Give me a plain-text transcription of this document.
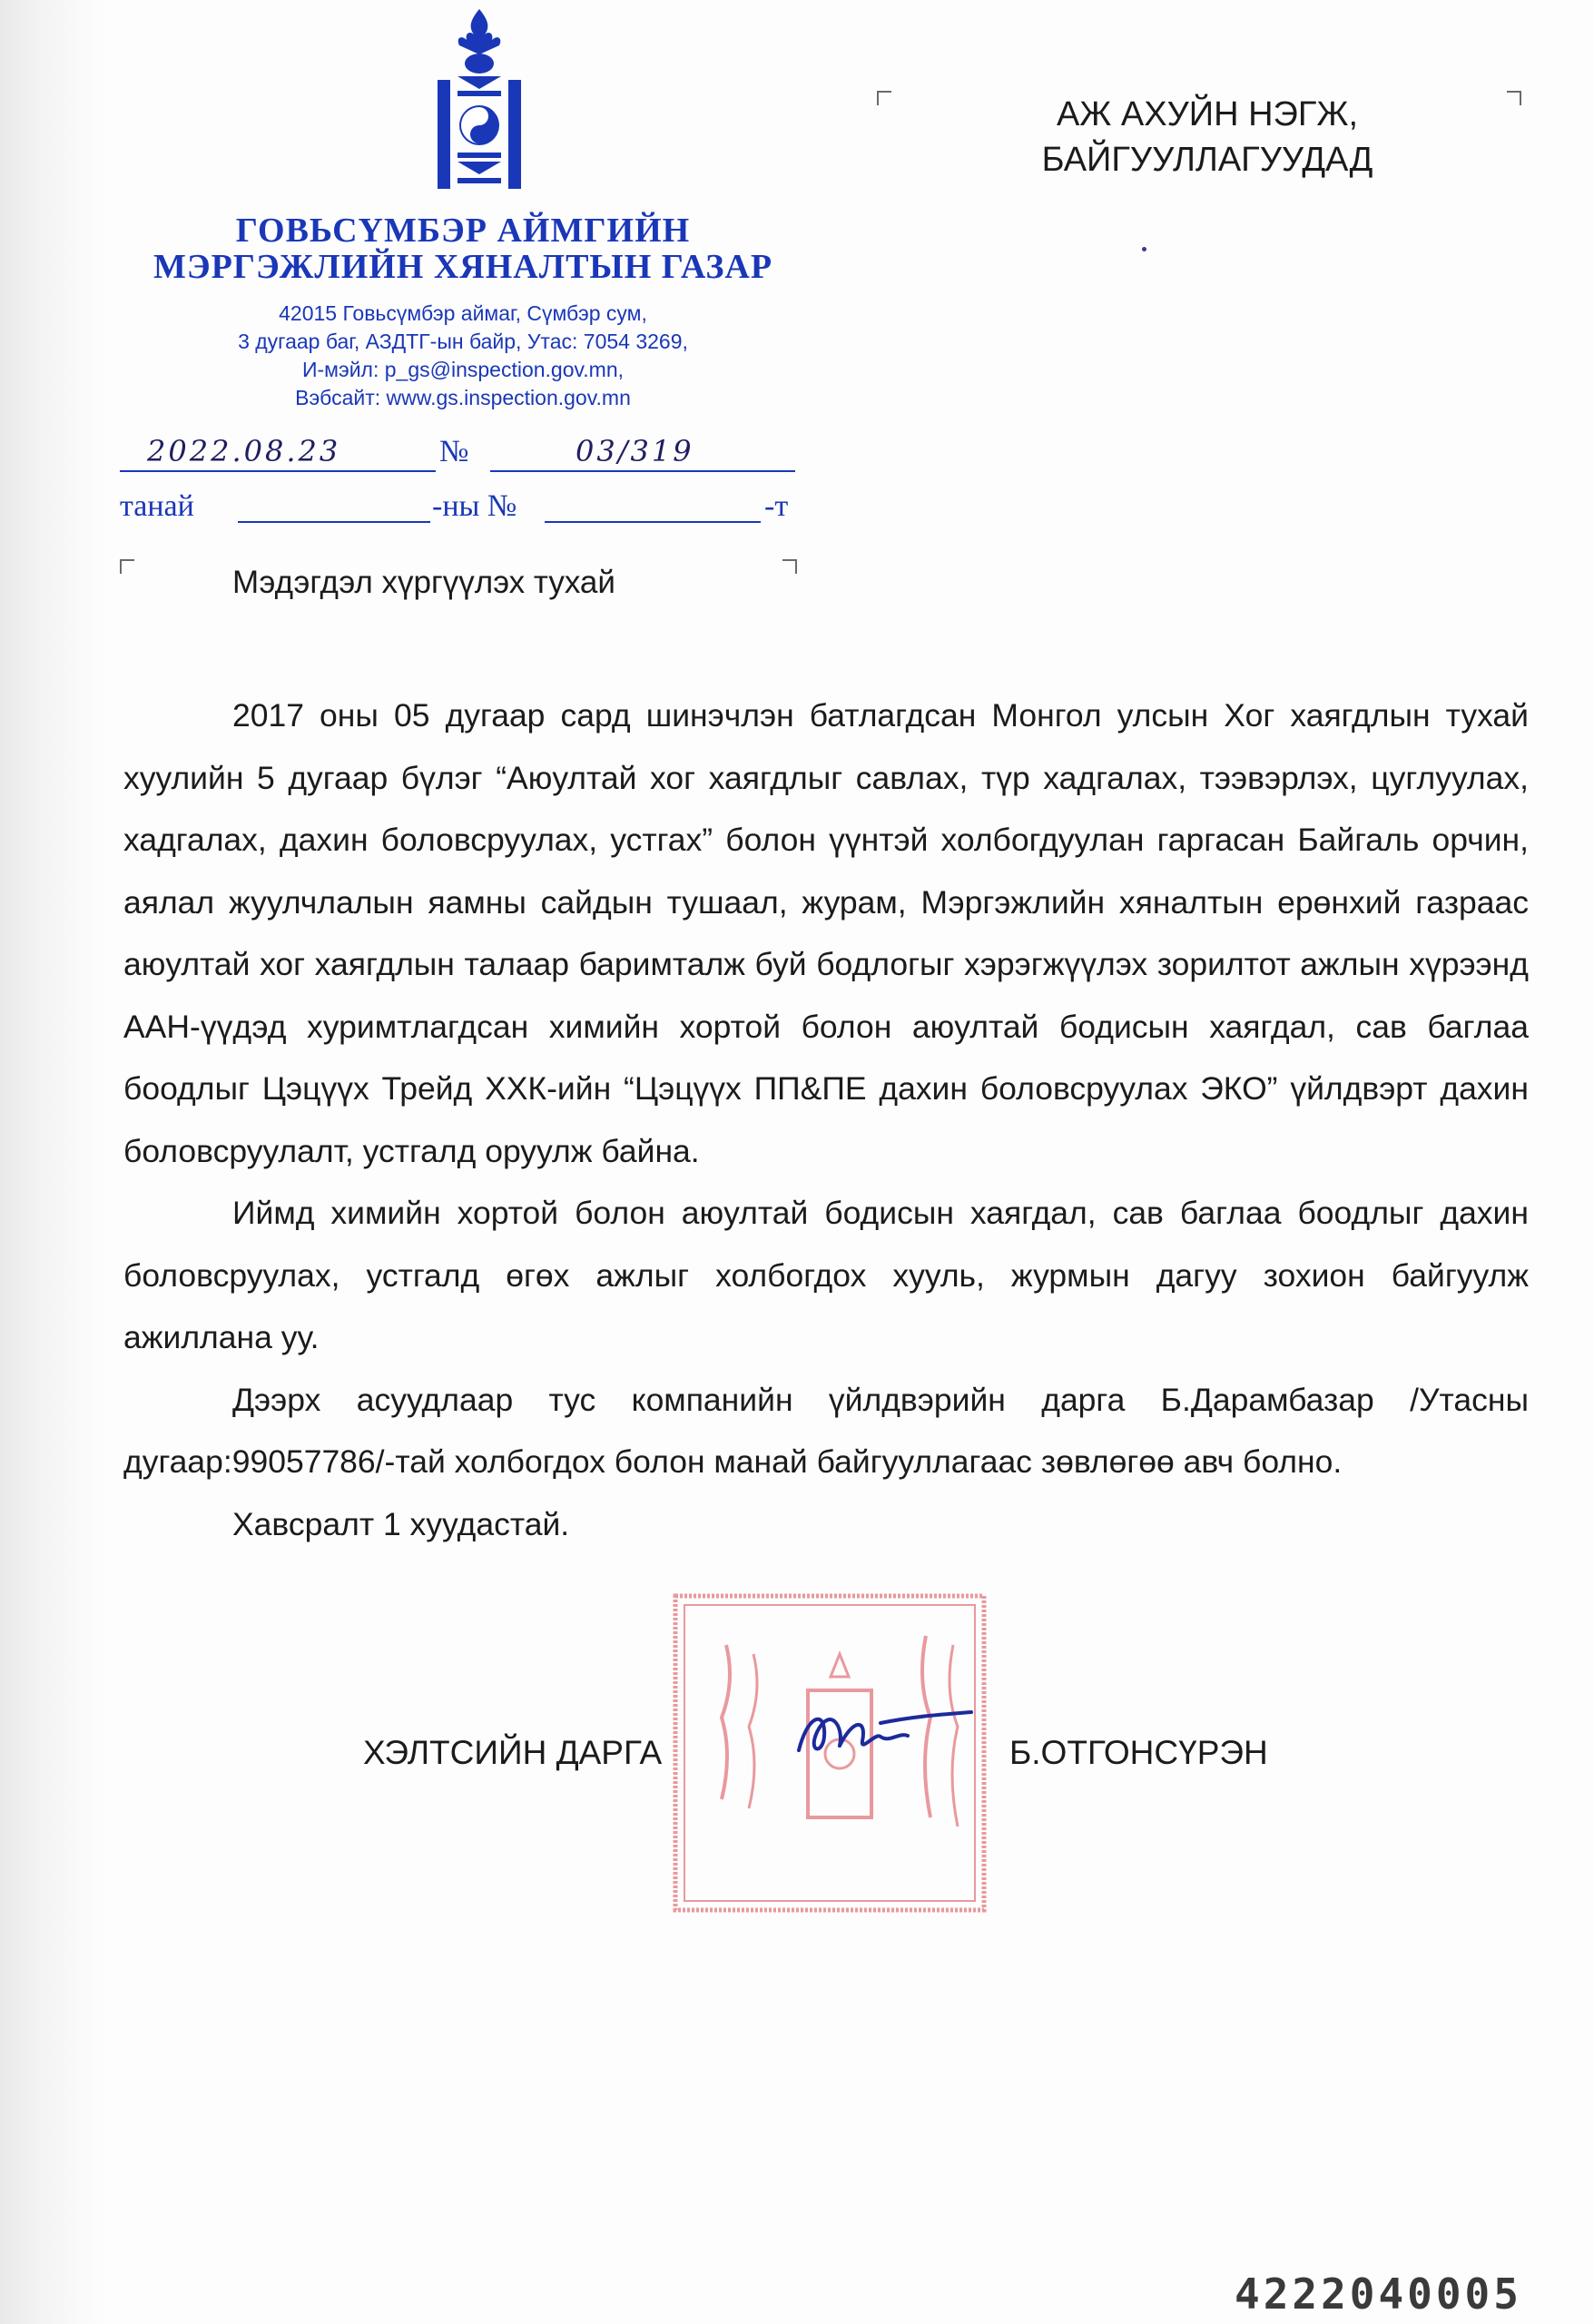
ГОВЬСҮМБЭР АЙМГИЙН
МЭРГЭЖЛИЙН ХЯНАЛТЫН ГАЗАР
42015 Говьсүмбэр аймаг, Сүмбэр сум,
3 дугаар баг, АЗДТГ-ын байр, Утас: 7054 3269,
И-мэйл: p_gs@inspection.gov.mn,
Вэбсайт: www.gs.inspection.gov.mn
2022.08.23	№	03/319
танай	-ны №	-т
АЖ АХУЙН НЭГЖ,
БАЙГУУЛЛАГУУДАД
Мэдэгдэл хүргүүлэх тухай

2017 оны 05 дугаар сард шинэчлэн батлагдсан Монгол улсын Хог хаягдлын тухай хуулийн 5 дугаар бүлэг “Аюултай хог хаягдлыг савлах, түр хадгалах, тээвэрлэх, цуглуулах, хадгалах, дахин боловсруулах, устгах” болон үүнтэй холбогдуулан гаргасан Байгаль орчин, аялал жуулчлалын яамны сайдын тушаал, журам, Мэргэжлийн хяналтын ерөнхий газраас аюултай хог хаягдлын талаар баримталж буй бодлогыг хэрэгжүүлэх зорилтот ажлын хүрээнд ААН-үүдэд хуримтлагдсан химийн хортой болон аюултай бодисын хаягдал, сав баглаа боодлыг Цэцүүх Трейд ХХК-ийн “Цэцүүх ПП&ПЕ дахин боловсруулах ЭКО” үйлдвэрт дахин боловсруулалт, устгалд оруулж байна.

Иймд химийн хортой болон аюултай бодисын хаягдал, сав баглаа боодлыг дахин боловсруулах, устгалд өгөх ажлыг холбогдох хууль, журмын дагуу зохион байгуулж ажиллана уу.

Дээрх асуудлаар тус компанийн үйлдвэрийн дарга Б.Дарамбазар /Утасны дугаар:99057786/-тай холбогдох болон манай байгууллагаас зөвлөгөө авч болно.

Хавсралт 1 хуудастай.

ХЭЛТСИЙН ДАРГА	Б.ОТГОНСҮРЭН
4222040005
